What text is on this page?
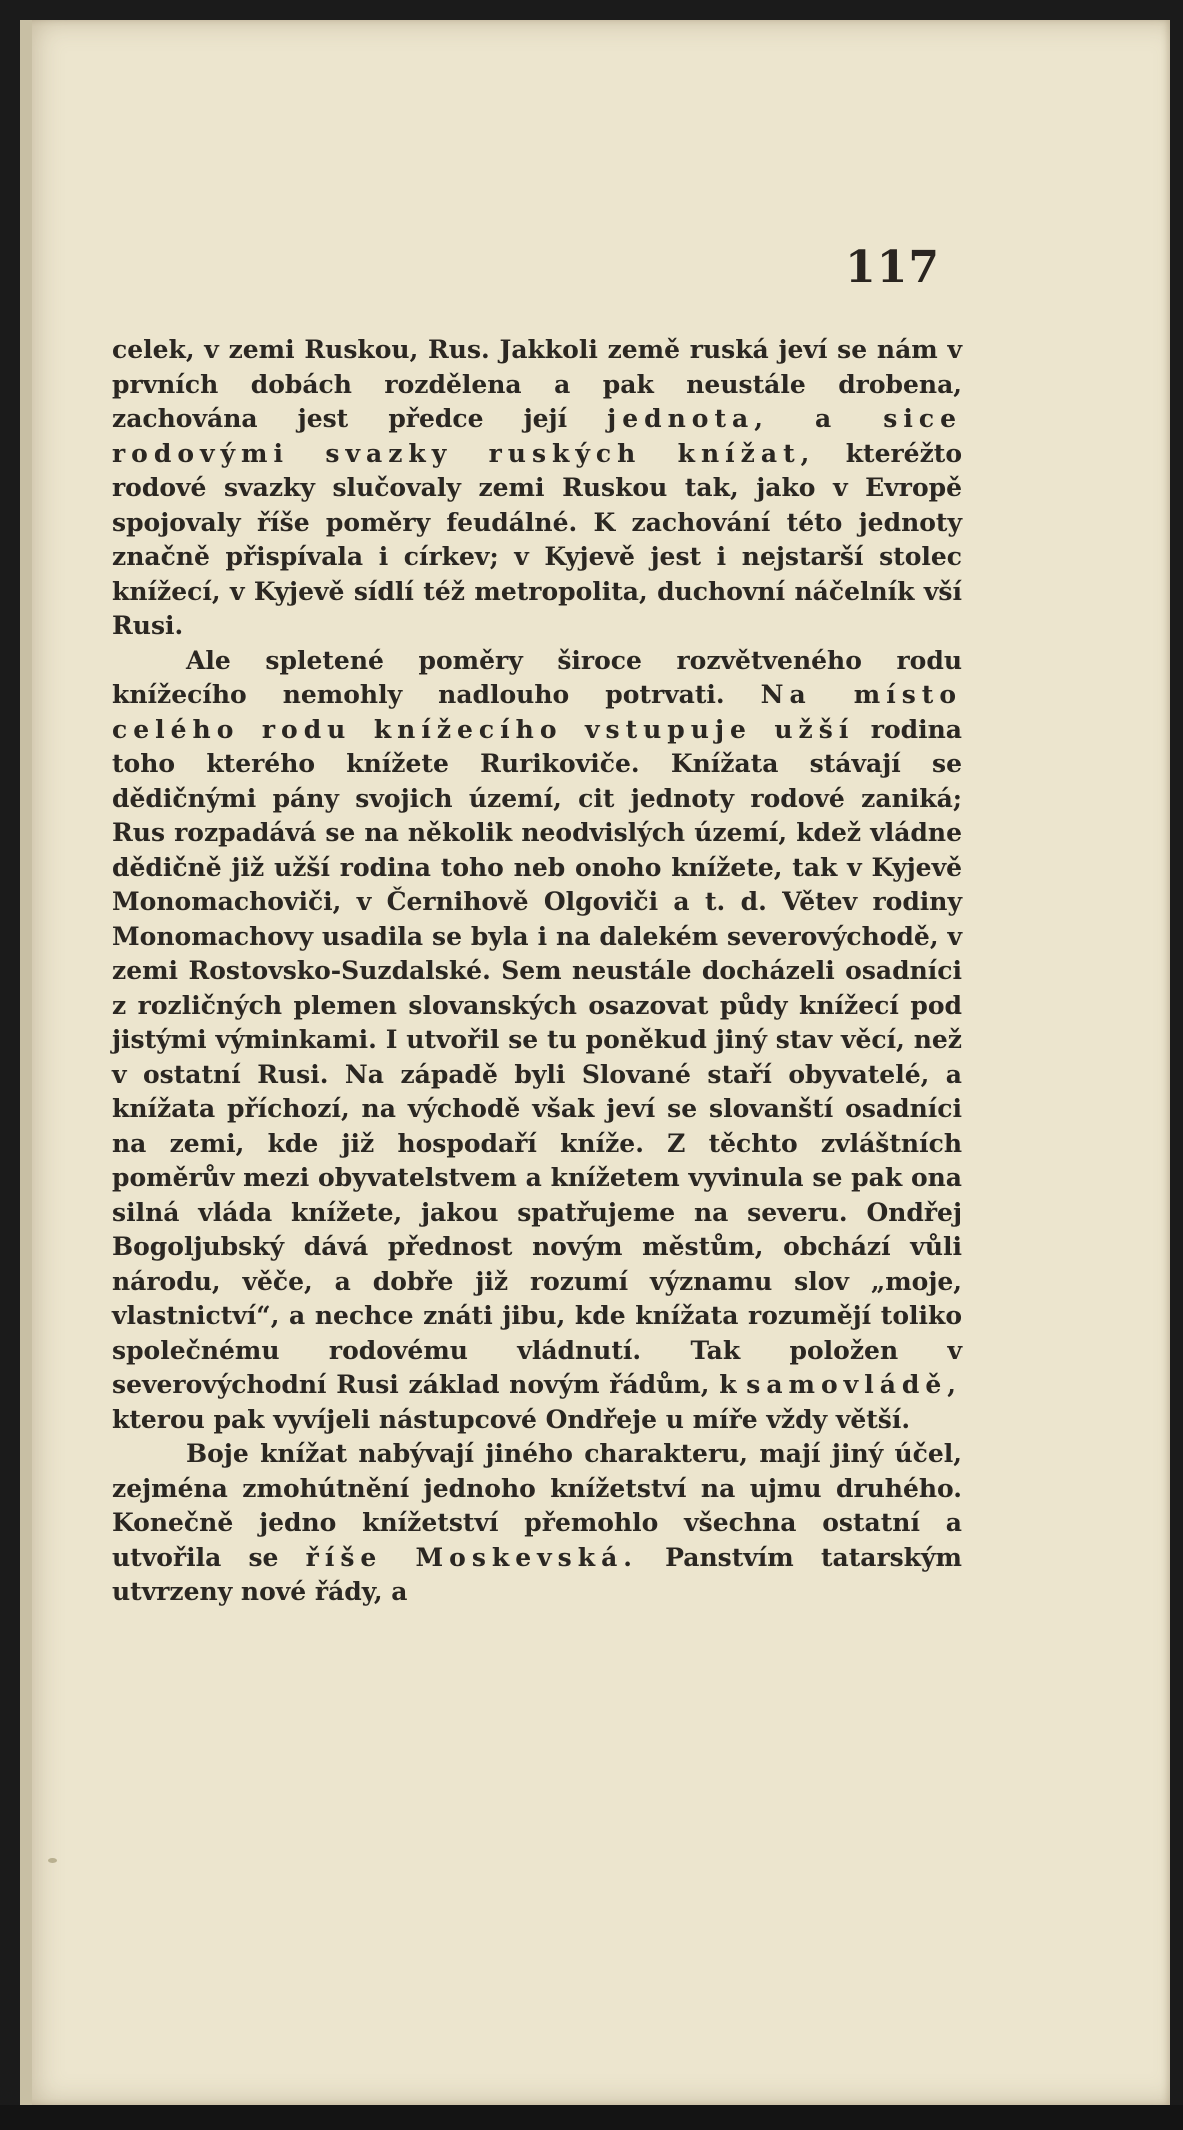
117

celek, v zemi Ruskou, Rus. Jakkoli země ruská jeví se nám v prvních dobách rozdělena a pak neustále drobena, zachována jest předce její jednota, a sice rodovými svazky ruských knížat, kteréžto rodové svazky slučovaly zemi Ruskou tak, jako v Evropě spojovaly říše poměry feudálné. K zachování této jednoty značně přispívala i církev; v Kyjevě jest i nejstarší stolec knížecí, v Kyjevě sídlí též metropolita, duchovní náčelník vší Rusi.

Ale spletené poměry široce rozvětveného rodu knížecího nemohly nadlouho potrvati. Na místo celého rodu knížecího vstupuje užší rodina toho kterého knížete Rurikoviče. Knížata stávají se dědičnými pány svojich území, cit jednoty rodové zaniká; Rus rozpadává se na několik neodvislých území, kdež vládne dědičně již užší rodina toho neb onoho knížete, tak v Kyjevě Monomachoviči, v Černihově Olgoviči a t. d. Větev rodiny Monomachovy usadila se byla i na dalekém severovýchodě, v zemi Rostovsko-Suzdalské. Sem neustále docházeli osadníci z rozličných plemen slovanských osazovat půdy knížecí pod jistými výminkami. I utvořil se tu poněkud jiný stav věcí, než v ostatní Rusi. Na západě byli Slované staří obyvatelé, a knížata příchozí, na východě však jeví se slovanští osadníci na zemi, kde již hospodaří kníže. Z těchto zvláštních poměrův mezi obyvatelstvem a knížetem vyvinula se pak ona silná vláda knížete, jakou spatřujeme na severu. Ondřej Bogoljubský dává přednost novým městům, obchází vůli národu, věče, a dobře již rozumí významu slov „moje, vlastnictví“, a nechce znáti jibu, kde knížata rozumějí toliko společnému rodovému vládnutí. Tak položen v severovýchodní Rusi základ novým řádům, k samovládě, kterou pak vyvíjeli nástupcové Ondřeje u míře vždy větší.

Boje knížat nabývají jiného charakteru, mají jiný účel, zejména zmohútnění jednoho knížetství na ujmu druhého. Konečně jedno knížetství přemohlo všechna ostatní a utvořila se říše Moskevská. Panstvím tatarským utvrzeny nové řády, a
